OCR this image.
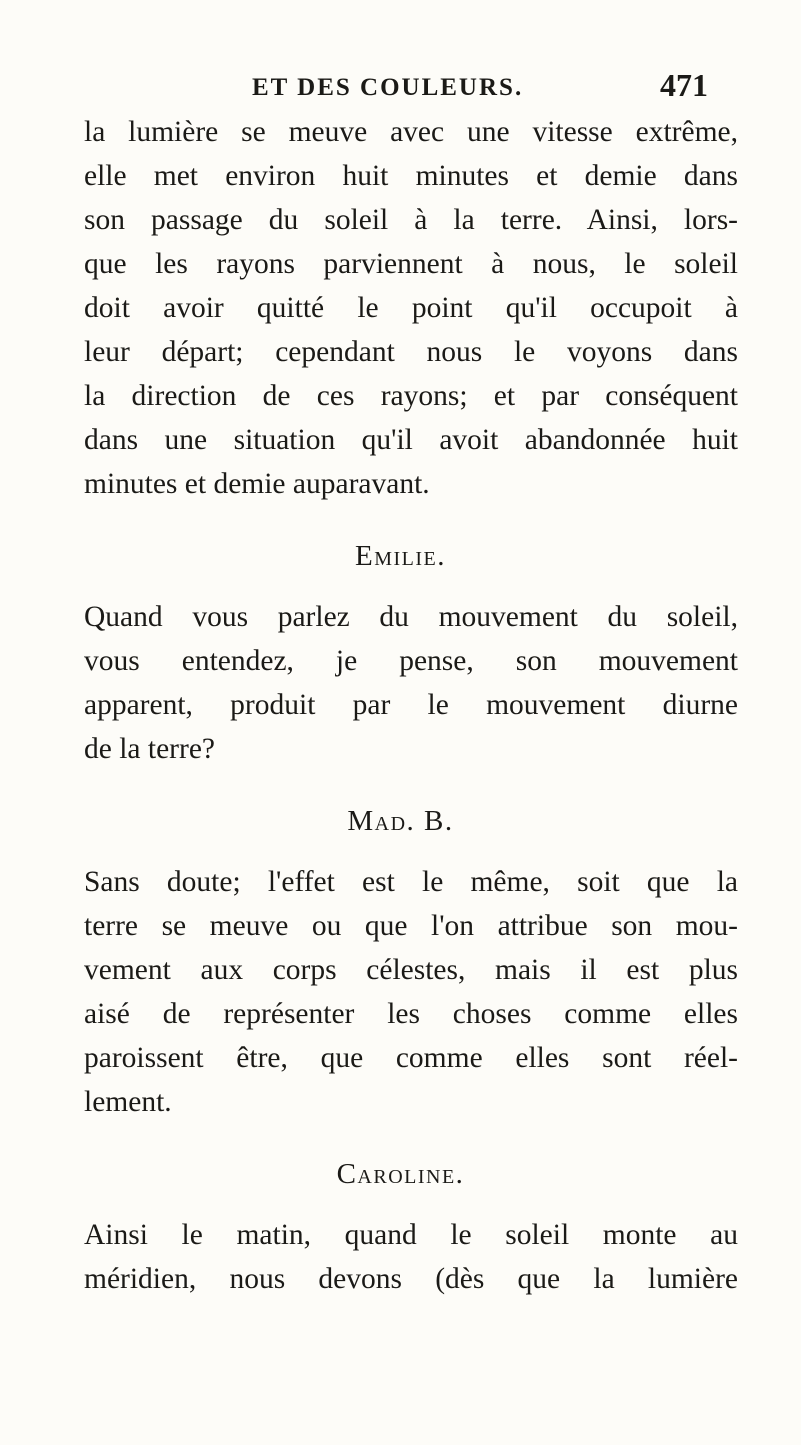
ET DES COULEURS.	471
la lumière se meuve avec une vitesse extrême,
elle met environ huit minutes et demie dans
son passage du soleil à la terre. Ainsi, lors-
que les rayons parviennent à nous, le soleil
doit avoir quitté le point qu'il occupoit à
leur départ; cependant nous le voyons dans
la direction de ces rayons; et par conséquent
dans une situation qu'il avoit abandonnée huit
minutes et demie auparavant.
Emilie.
Quand vous parlez du mouvement du soleil,
vous entendez, je pense, son mouvement
apparent, produit par le mouvement diurne
de la terre?
Mad. B.
Sans doute; l'effet est le même, soit que la
terre se meuve ou que l'on attribue son mou-
vement aux corps célestes, mais il est plus
aisé de représenter les choses comme elles
paroissent être, que comme elles sont réel-
lement.
Caroline.
Ainsi le matin, quand le soleil monte au
méridien, nous devons (dès que la lumière
